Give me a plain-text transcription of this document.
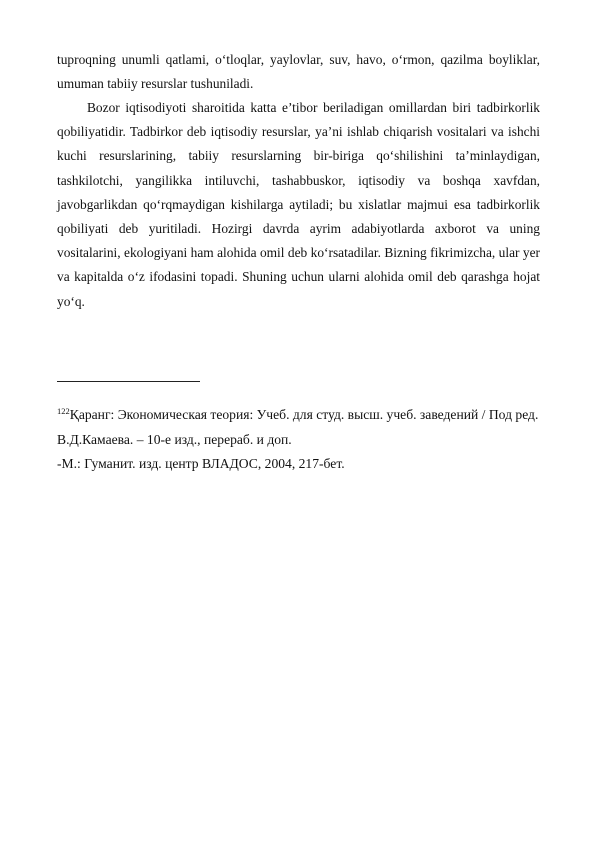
tuproqning unumli qatlami, o‘tloqlar, yaylovlar, suv, havo, o‘rmon, qazilma boyliklar, umuman tabiiy resurslar tushuniladi.

Bozor iqtisodiyoti sharoitida katta e’tibor beriladigan omillardan biri tadbirkorlik qobiliyatidir. Tadbirkor deb iqtisodiy resurslar, ya’ni ishlab chiqarish vositalari va ishchi kuchi resurslarining, tabiiy resurslarning bir-biriga qo‘shilishini ta’minlaydigan, tashkilotchi, yangilikka intiluvchi, tashabbuskor, iqtisodiy va boshqa xavfdan, javobgarlikdan qo‘rqmaydigan kishilarga aytiladi; bu xislatlar majmui esa tadbirkorlik qobiliyati deb yuritiladi. Hozirgi davrda ayrim adabiyotlarda axborot va uning vositalarini, ekologiyani ham alohida omil deb ko‘rsatadilar. Bizning fikrimizcha, ular yer va kapitalda o‘z ifodasini topadi. Shuning uchun ularni alohida omil deb qarashga hojat yo‘q.

$^{122}$Қаранг: Экономическая теория: Учеб. для студ. высш. учеб. заведений / Под ред.

В.Д.Камаева. – 10-е изд., перераб. и доп.

-М.: Гуманит. изд. центр ВЛАДОС, 2004, 217-бет.
